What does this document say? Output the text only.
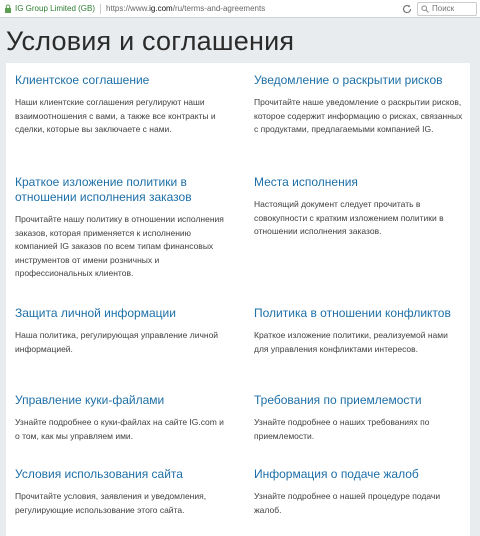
IG Group Limited (GB) https://www.ig.com/ru/terms-and-agreements
Поиск
Условия и соглашения
Клиентское соглашение

Наши клиентские соглашения регулируют наши взаимоотношения с вами, а также все контракты и сделки, которые вы заключаете с нами.

Уведомление о раскрытии рисков

Прочитайте наше уведомление о раскрытии рисков, которое содержит информацию о рисках, связанных с продуктами, предлагаемыми компанией IG.

Краткое изложение политики в отношении исполнения заказов

Прочитайте нашу политику в отношении исполнения заказов, которая применяется к исполнению компанией IG заказов по всем типам финансовых инструментов от имени розничных и профессиональных клиентов.

Места исполнения

Настоящий документ следует прочитать в совокупности с кратким изложением политики в отношении исполнения заказов.

Защита личной информации

Наша политика, регулирующая управление личной информацией.

Политика в отношении конфликтов

Краткое изложение политики, реализуемой нами для управления конфликтами интересов.

Управление куки-файлами

Узнайте подробнее о куки-файлах на сайте IG.com и о том, как мы управляем ими.

Требования по приемлемости

Узнайте подробнее о наших требованиях по приемлемости.

Условия использования сайта

Прочитайте условия, заявления и уведомления, регулирующие использование этого сайта.

Информация о подаче жалоб

Узнайте подробнее о нашей процедуре подачи жалоб.
